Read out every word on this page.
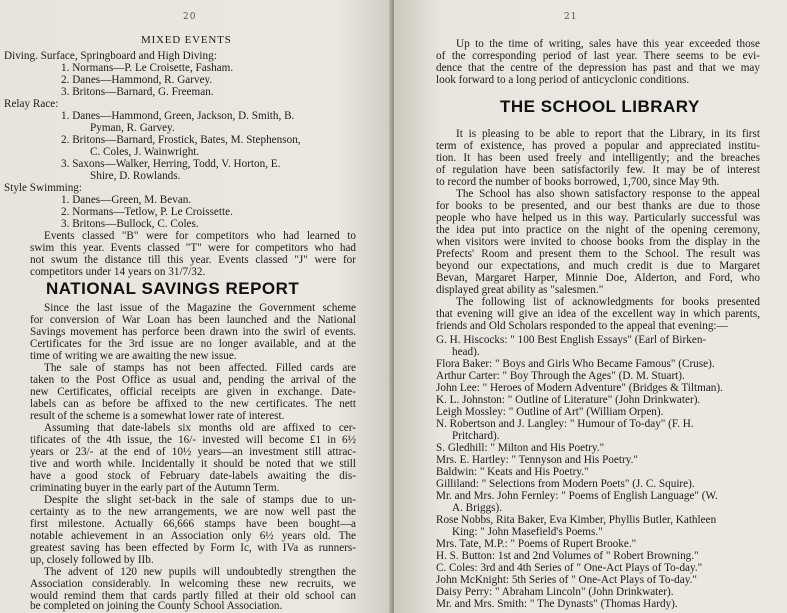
20
MIXED EVENTS
Diving. Surface, Springboard and High Diving:
1. Normans—P. Le Croisette, Fasham.
2. Danes—Hammond, R. Garvey.
3. Britons—Barnard, G. Freeman.
Relay Race:
1. Danes—Hammond, Green, Jackson, D. Smith, B.
Pyman, R. Garvey.
2. Britons—Barnard, Frostick, Bates, M. Stephenson,
C. Coles, J. Wainwright.
3. Saxons—Walker, Herring, Todd, V. Horton, E.
Shire, D. Rowlands.
Style Swimming:
1. Danes—Green, M. Bevan.
2. Normans—Tetlow, P. Le Croissette.
3. Britons—Bullock, C. Coles.
Events classed "B" were for competitors who had learned to
swim this year. Events classed "T" were for competitors who had
not swum the distance till this year. Events classed "J" were for
competitors under 14 years on 31/7/32.
NATIONAL SAVINGS REPORT
Since the last issue of the Magazine the Government scheme
for conversion of War Loan has been launched and the National
Savings movement has perforce been drawn into the swirl of events.
Certificates for the 3rd issue are no longer available, and at the
time of writing we are awaiting the new issue.
The sale of stamps has not been affected. Filled cards are
taken to the Post Office as usual and, pending the arrival of the
new Certificates, official receipts are given in exchange. Date-
labels can as before be affixed to the new certificates. The nett
result of the scheme is a somewhat lower rate of interest.
Assuming that date-labels six months old are affixed to cer-
tificates of the 4th issue, the 16/- invested will become £1 in 6½
years or 23/- at the end of 10½ years—an investment still attrac-
tive and worth while. Incidentally it should be noted that we still
have a good stock of February date-labels awaiting the dis-
criminating buyer in the early part of the Autumn Term.
Despite the slight set-back in the sale of stamps due to un-
certainty as to the new arrangements, we are now well past the
first milestone. Actually 66,666 stamps have been bought—a
notable achievement in an Association only 6½ years old. The
greatest saving has been effected by Form Ic, with IVa as runners-
up, closely followed by IIb.
The advent of 120 new pupils will undoubtedly strengthen the
Association considerably. In welcoming these new recruits, we
would remind them that cards partly filled at their old school can
be completed on joining the County School Association.
21
Up to the time of writing, sales have this year exceeded those
of the corresponding period of last year. There seems to be evi-
dence that the centre of the depression has past and that we may
look forward to a long period of anticyclonic conditions.
THE SCHOOL LIBRARY
It is pleasing to be able to report that the Library, in its first
term of existence, has proved a popular and appreciated institu-
tion. It has been used freely and intelligently; and the breaches
of regulation have been satisfactorily few. It may be of interest
to record the number of books borrowed, 1,700, since May 9th.
The School has also shown satisfactory response to the appeal
for books to be presented, and our best thanks are due to those
people who have helped us in this way. Particularly successful was
the idea put into practice on the night of the opening ceremony,
when visitors were invited to choose books from the display in the
Prefects' Room and present them to the School. The result was
beyond our expectations, and much credit is due to Margaret
Bevan, Margaret Harper, Minnie Doe, Alderton, and Ford, who
displayed great ability as "salesmen."
The following list of acknowledgments for books presented
that evening will give an idea of the excellent way in which parents,
friends and Old Scholars responded to the appeal that evening:—
G. H. Hiscocks: " 100 Best English Essays" (Earl of Birken-
head).
Flora Baker: " Boys and Girls Who Became Famous" (Cruse).
Arthur Carter: " Boy Through the Ages" (D. M. Stuart).
John Lee: " Heroes of Modern Adventure" (Bridges & Tiltman).
K. L. Johnston: " Outline of Literature" (John Drinkwater).
Leigh Mossley: " Outline of Art" (William Orpen).
N. Robertson and J. Langley: " Humour of To-day" (F. H.
Pritchard).
S. Gledhill: " Milton and His Poetry."
Mrs. E. Hartley: " Tennyson and His Poetry."
Baldwin: " Keats and His Poetry."
Gilliland: " Selections from Modern Poets" (J. C. Squire).
Mr. and Mrs. John Fernley: " Poems of English Language" (W.
A. Briggs).
Rose Nobbs, Rita Baker, Eva Kimber, Phyllis Butler, Kathleen
King: " John Masefield's Poems."
Mrs. Tate, M.P.: " Poems of Rupert Brooke."
H. S. Button: 1st and 2nd Volumes of " Robert Browning."
C. Coles: 3rd and 4th Series of " One-Act Plays of To-day."
John McKnight: 5th Series of " One-Act Plays of To-day."
Daisy Perry: " Abraham Lincoln" (John Drinkwater).
Mr. and Mrs. Smith: " The Dynasts" (Thomas Hardy).
